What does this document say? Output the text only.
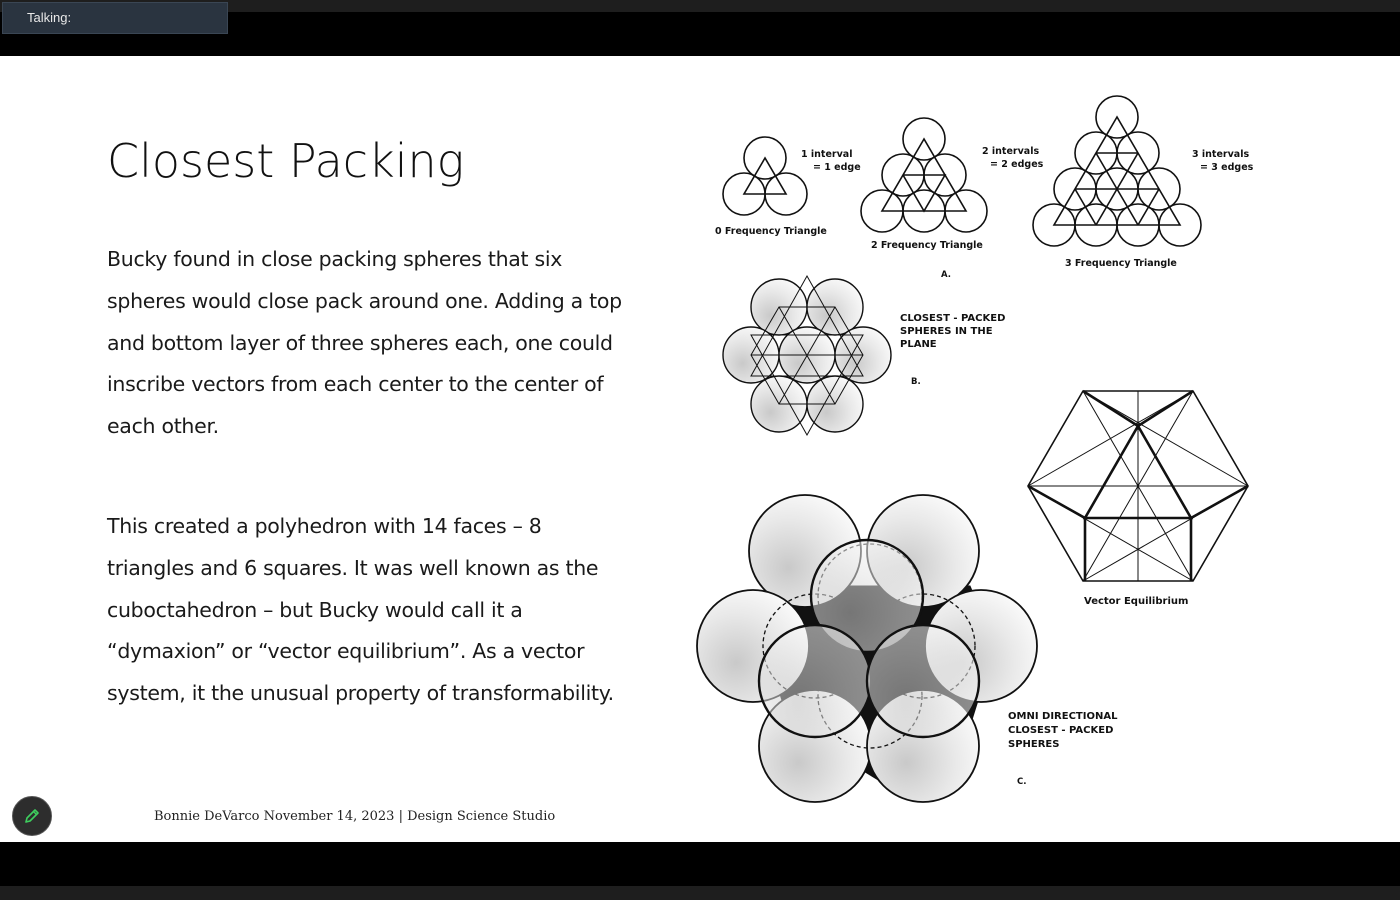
Talking:
Closest Packing
Bucky found in close packing spheres that six spheres would close pack around one. Adding a top and bottom layer of three spheres each, one could inscribe vectors from each center to the center of each other.
This created a polyhedron with 14 faces – 8 triangles and 6 squares. It was well known as the cuboctahedron – but Bucky would call it a “dymaxion” or “vector equilibrium”. As a vector system, it the unusual property of transformability.
Bonnie DeVarco November 14, 2023 | Design Science Studio
1 interval
= 1 edge
0 Frequency Triangle
2 intervals
= 2 edges
2 Frequency Triangle
3 intervals
= 3 edges
3 Frequency Triangle
A.
CLOSEST - PACKED
SPHERES IN THE
PLANE
B.
Vector Equilibrium
OMNI DIRECTIONAL
CLOSEST - PACKED
SPHERES
C.
